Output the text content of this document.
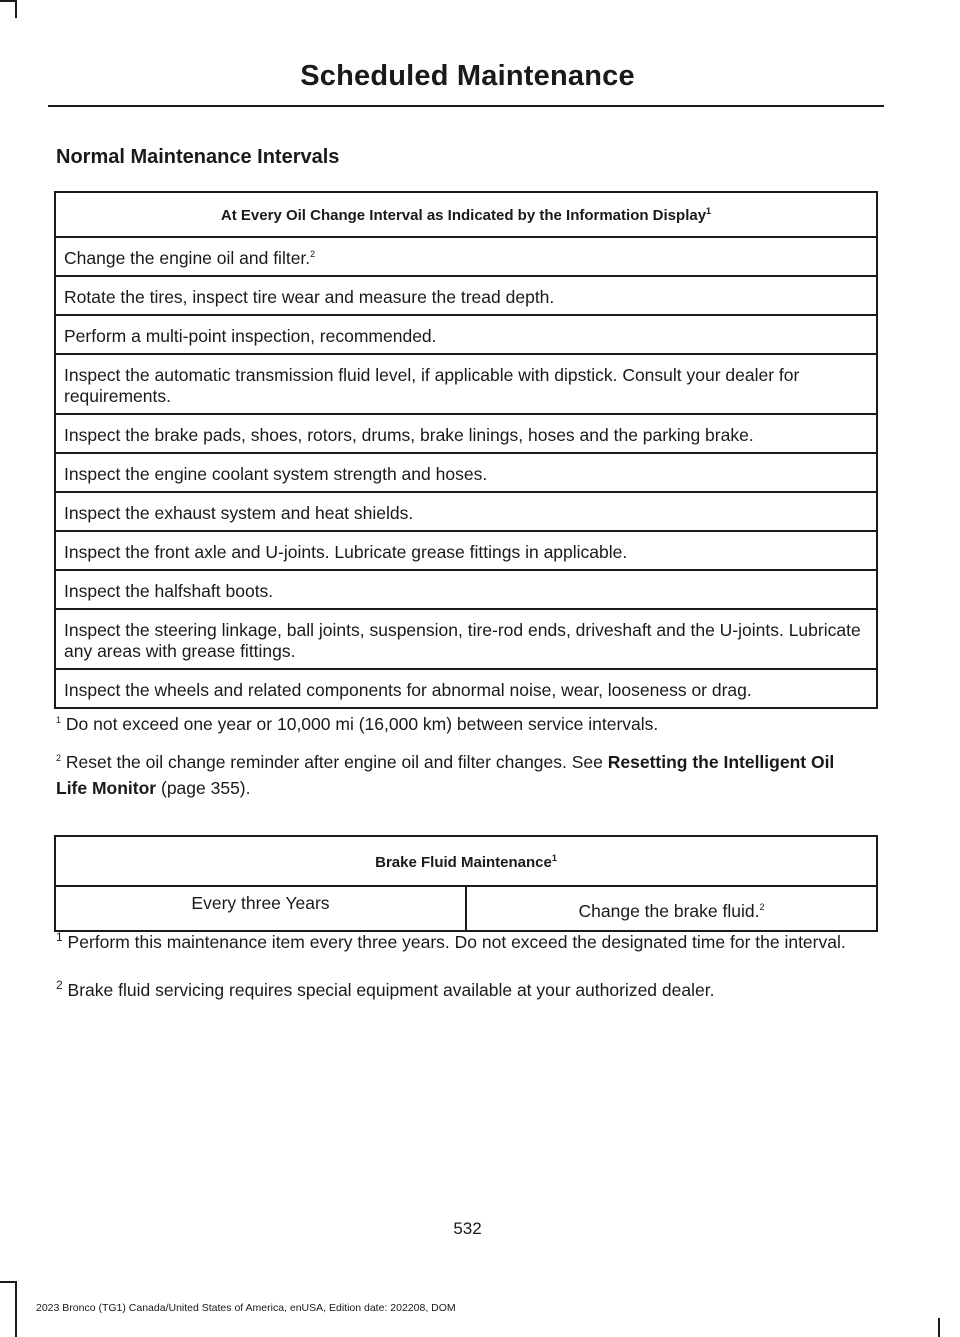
Scheduled Maintenance
Normal Maintenance Intervals
At Every Oil Change Interval as Indicated by the Information Display$^1$
Change the engine oil and filter.$^2$
Rotate the tires, inspect tire wear and measure the tread depth.
Perform a multi-point inspection, recommended.
Inspect the automatic transmission fluid level, if applicable with dipstick. Consult your dealer for requirements.
Inspect the brake pads, shoes, rotors, drums, brake linings, hoses and the parking brake.
Inspect the engine coolant system strength and hoses.
Inspect the exhaust system and heat shields.
Inspect the front axle and U-joints. Lubricate grease fittings in applicable.
Inspect the halfshaft boots.
Inspect the steering linkage, ball joints, suspension, tire-rod ends, driveshaft and the U-joints. Lubricate any areas with grease fittings.
Inspect the wheels and related components for abnormal noise, wear, looseness or drag.
$^1$ Do not exceed one year or 10,000 mi (16,000 km) between service intervals.
$^2$ Reset the oil change reminder after engine oil and filter changes. See Resetting the Intelligent Oil Life Monitor (page 355).
Brake Fluid Maintenance$^1$
Every three Years	Change the brake fluid.$^2$
$^1$ Perform this maintenance item every three years. Do not exceed the designated time for the interval.
$^2$ Brake fluid servicing requires special equipment available at your authorized dealer.
532
2023 Bronco (TG1) Canada/United States of America, enUSA, Edition date: 202208, DOM
